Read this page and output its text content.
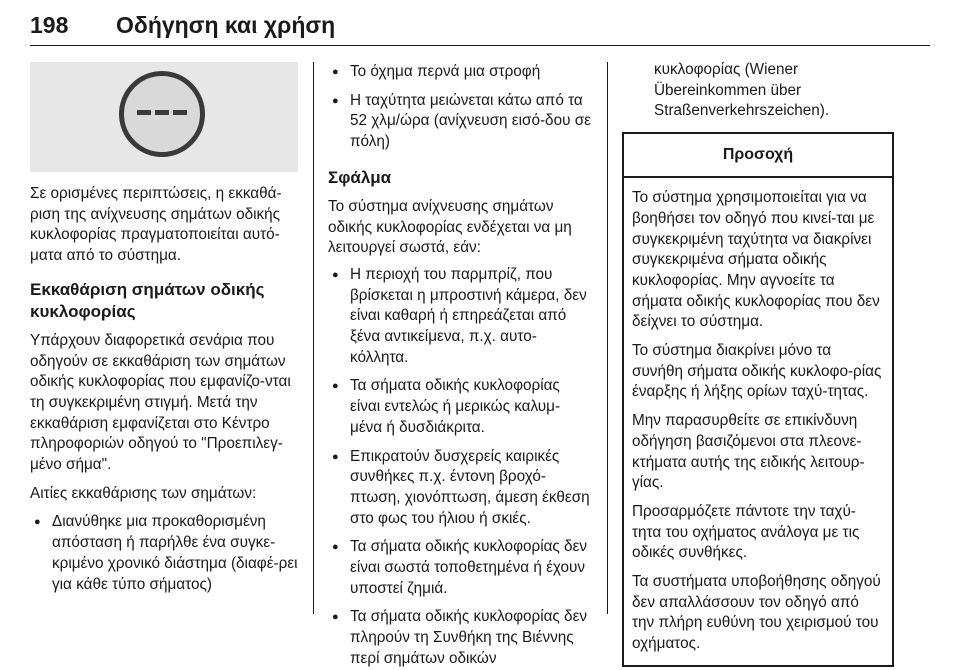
198 Οδήγηση και χρήση

Σε ορισμένες περιπτώσεις, η εκκαθά-ριση της ανίχνευσης σημάτων οδικής κυκλοφορίας πραγματοποιείται αυτό-ματα από το σύστημα.

Εκκαθάριση σημάτων οδικής κυκλοφορίας

Υπάρχουν διαφορετικά σενάρια που οδηγούν σε εκκαθάριση των σημάτων οδικής κυκλοφορίας που εμφανίζο-νται τη συγκεκριμένη στιγμή. Μετά την εκκαθάριση εμφανίζεται στο Κέντρο πληροφοριών οδηγού το "Προεπιλεγ-μένο σήμα".

Αιτίες εκκαθάρισης των σημάτων:

● Διανύθηκε μια προκαθορισμένη απόσταση ή παρήλθε ένα συγκε-κριμένο χρονικό διάστημα (διαφέ-ρει για κάθε τύπο σήματος)
● Το όχημα περνά μια στροφή
● Η ταχύτητα μειώνεται κάτω από τα 52 χλμ/ώρα (ανίχνευση εισό-δου σε πόλη)

Σφάλμα

Το σύστημα ανίχνευσης σημάτων οδικής κυκλοφορίας ενδέχεται να μη λειτουργεί σωστά, εάν:

● Η περιοχή του παρμπρίζ, που βρίσκεται η μπροστινή κάμερα, δεν είναι καθαρή ή επηρεάζεται από ξένα αντικείμενα, π.χ. αυτο-κόλλητα.
● Τα σήματα οδικής κυκλοφορίας είναι εντελώς ή μερικώς καλυμ-μένα ή δυσδιάκριτα.
● Επικρατούν δυσχερείς καιρικές συνθήκες π.χ. έντονη βροχό-πτωση, χιονόπτωση, άμεση έκθεση στο φως του ήλιου ή σκιές.
● Τα σήματα οδικής κυκλοφορίας δεν είναι σωστά τοποθετημένα ή έχουν υποστεί ζημιά.
● Τα σήματα οδικής κυκλοφορίας δεν πληρούν τη Συνθήκη της Βιέννης περί σημάτων οδικών

κυκλοφορίας (Wiener Übereinkommen über Straßenverkehrszeichen).

Προσοχή

Το σύστημα χρησιμοποιείται για να βοηθήσει τον οδηγό που κινεί-ται με συγκεκριμένη ταχύτητα να διακρίνει συγκεκριμένα σήματα οδικής κυκλοφορίας. Μην αγνοείτε τα σήματα οδικής κυκλοφορίας που δεν δείχνει το σύστημα.

Το σύστημα διακρίνει μόνο τα συνήθη σήματα οδικής κυκλοφο-ρίας έναρξης ή λήξης ορίων ταχύ-τητας.

Μην παρασυρθείτε σε επικίνδυνη οδήγηση βασιζόμενοι στα πλεονε-κτήματα αυτής της ειδικής λειτουρ-γίας.

Προσαρμόζετε πάντοτε την ταχύ-τητα του οχήματος ανάλογα με τις οδικές συνθήκες.

Τα συστήματα υποβοήθησης οδηγού δεν απαλλάσσουν τον οδηγό από την πλήρη ευθύνη του χειρισμού του οχήματος.
